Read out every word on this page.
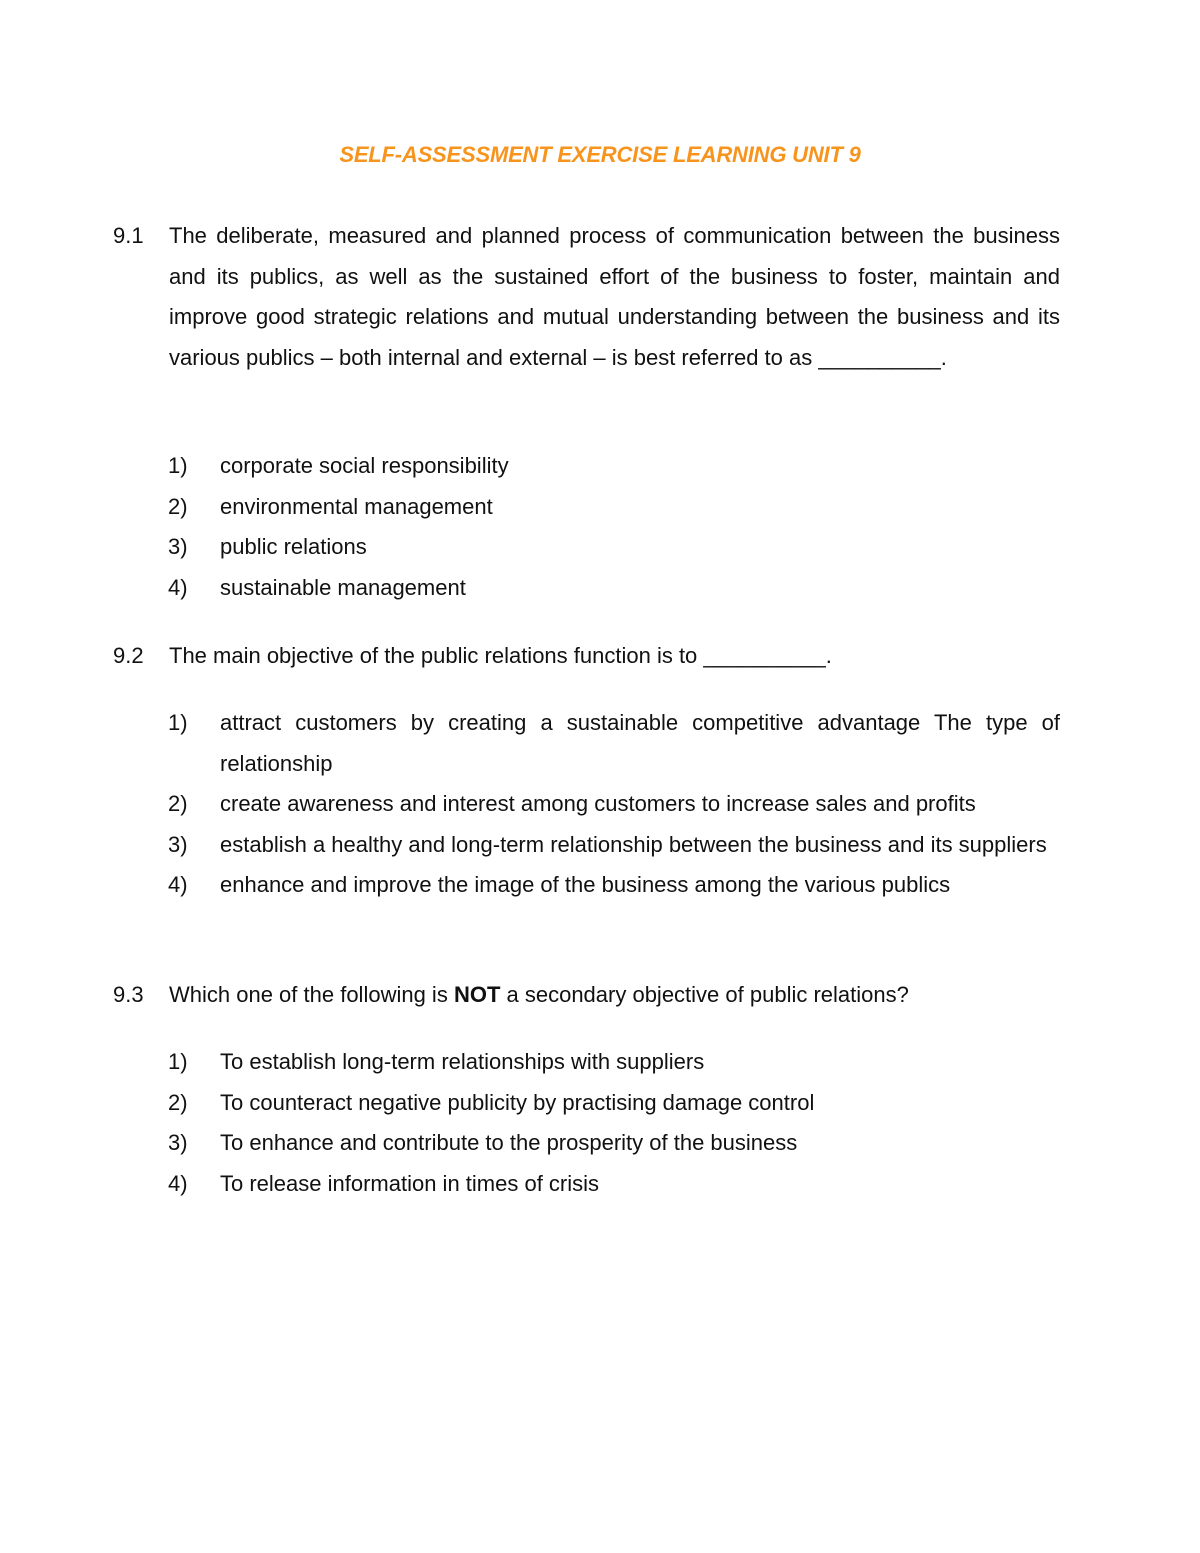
SELF-ASSESSMENT EXERCISE LEARNING UNIT 9
9.1 The deliberate, measured and planned process of communication between the business and its publics, as well as the sustained effort of the business to foster, maintain and improve good strategic relations and mutual understanding between the business and its various publics – both internal and external – is best referred to as __________.
1) corporate social responsibility
2) environmental management
3) public relations
4) sustainable management
9.2 The main objective of the public relations function is to __________.
1) attract customers by creating a sustainable competitive advantage The type of relationship
2) create awareness and interest among customers to increase sales and profits
3) establish a healthy and long-term relationship between the business and its suppliers
4) enhance and improve the image of the business among the various publics
9.3 Which one of the following is NOT a secondary objective of public relations?
1) To establish long-term relationships with suppliers
2) To counteract negative publicity by practising damage control
3) To enhance and contribute to the prosperity of the business
4) To release information in times of crisis
